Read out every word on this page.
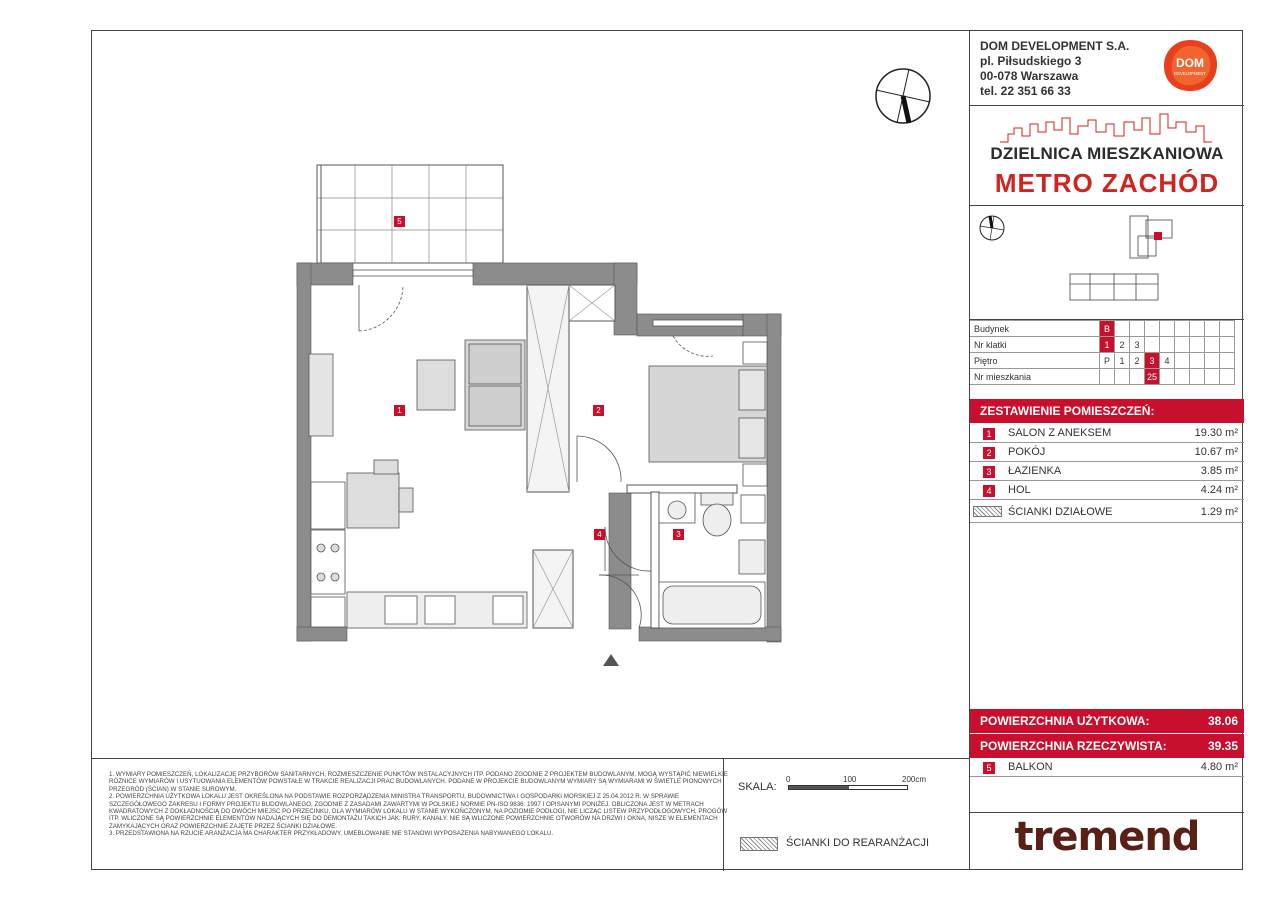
1	2
3
4
5
DOM DEVELOPMENT S.A.
pl. Piłsudskiego 3
00-078 Warszawa
tel. 22 351 66 33
DOM
DEVELOPMENT
DZIELNICA MIESZKANIOWA
METRO ZACHÓD
Budynek	B								
Nr klatki	1	2	3						
Piętro	P	1	2	3	4				
Nr mieszkania				25					
ZESTAWIENIE POMIESZCZEŃ:
1	SALON Z ANEKSEM	19.30 m²
2	POKÓJ	10.67 m²
3	ŁAZIENKA	3.85 m²
4	HOL	4.24 m²
ŚCIANKI DZIAŁOWE	1.29 m²
POWIERZCHNIA UŻYTKOWA:	38.06
POWIERZCHNIA RZECZYWISTA:	39.35
5	BALKON	4.80 m²
tremend
1. WYMIARY POMIESZCZEŃ, LOKALIZACJĘ PRZYBORÓW SANITARNYCH, ROZMIESZCZENIE PUNKTÓW INSTALACYJNYCH ITP. PODANO ZGODNIE Z PROJEKTEM BUDOWLANYM. MOGĄ WYSTĄPIĆ NIEWIELKIE RÓŻNICE WYMIARÓW I USYTUOWANIA ELEMENTÓW POWSTAŁE W TRAKCIE REALIZACJI PRAC BUDOWLANYCH. PODANE W PROJEKCIE BUDOWLANYM WYMIARY SĄ WYMIARAMI W ŚWIETLE PIONOWYCH PRZEGRÓD (ŚCIAN) W STANIE SUROWYM.
2. POWIERZCHNIA UŻYTKOWA LOKALU JEST OKREŚLONA NA PODSTAWIE ROZPORZĄDZENIA MINISTRA TRANSPORTU, BUDOWNICTWA I GOSPODARKI MORSKIEJ Z 25.04.2012 R. W SPRAWIE SZCZEGÓŁOWEGO ZAKRESU I FORMY PROJEKTU BUDOWLANEGO, ZGODNIE Z ZASADAMI ZAWARTYMI W POLSKIEJ NORMIE PN-ISO 9836: 1997 I OPISANYMI PONIŻEJ. OBLICZONA JEST W METRACH KWADRATOWYCH Z DOKŁADNOŚCIĄ DO DWÓCH MIEJSC PO PRZECINKU, DLA WYMIARÓW LOKALU W STANIE WYKOŃCZONYM, NA POZIOMIE PODŁOGI, NIE LICZĄC LISTEW PRZYPODŁOGOWYCH, PROGÓW ITP. WLICZONE SĄ POWIERZCHNIE ELEMENTÓW NADAJĄCYCH SIĘ DO DEMONTAŻU TAKICH JAK: RURY, KANAŁY. NIE SĄ WLICZONE POWIERZCHNIE OTWORÓW NA DRZWI I OKNA, NISZE W ELEMENTACH ZAMYKAJĄCYCH ORAZ POWIERZCHNIE ZAJĘTE PRZEZ ŚCIANKI DZIAŁOWE.
3. PRZEDSTAWIONA NA RZUCIE ARANŻACJA MA CHARAKTER PRZYKŁADOWY, UMEBLOWANIE NIE STANOWI WYPOSAŻENIA NABYWANEGO LOKALU.
SKALA:
0	100	200cm
ŚCIANKI DO REARANŻACJI
